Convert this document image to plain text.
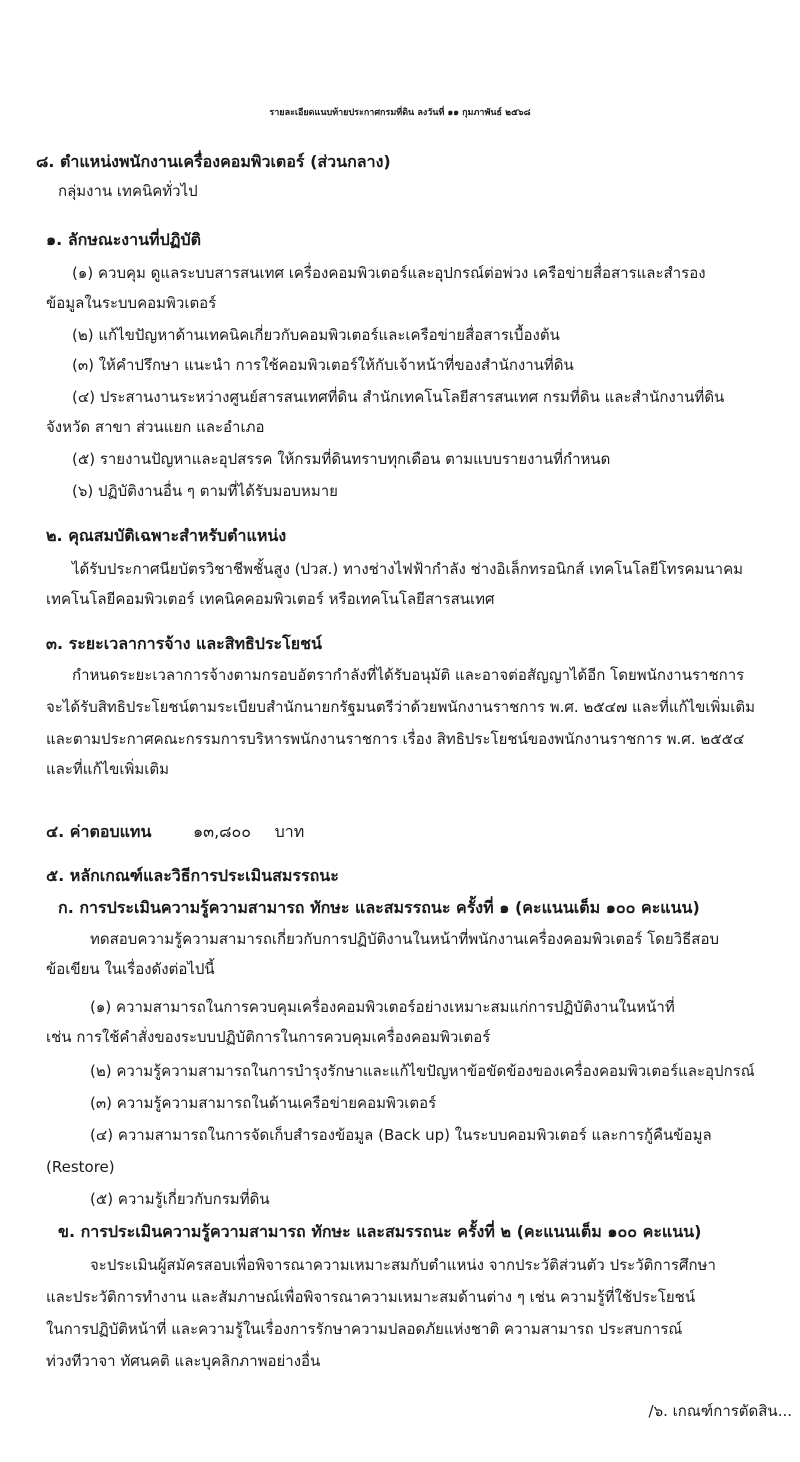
รายละเอียดแนบท้ายประกาศกรมที่ดิน ลงวันที่ ๑๑ กุมภาพันธ์ ๒๕๖๘
๘. ตำแหน่งพนักงานเครื่องคอมพิวเตอร์ (ส่วนกลาง)
กลุ่มงาน เทคนิคทั่วไป
๑. ลักษณะงานที่ปฏิบัติ
(๑) ควบคุม ดูแลระบบสารสนเทศ เครื่องคอมพิวเตอร์และอุปกรณ์ต่อพ่วง เครือข่ายสื่อสารและสำรอง
ข้อมูลในระบบคอมพิวเตอร์
(๒) แก้ไขปัญหาด้านเทคนิคเกี่ยวกับคอมพิวเตอร์และเครือข่ายสื่อสารเบื้องต้น
(๓) ให้คำปรึกษา แนะนำ การใช้คอมพิวเตอร์ให้กับเจ้าหน้าที่ของสำนักงานที่ดิน
(๔) ประสานงานระหว่างศูนย์สารสนเทศที่ดิน สำนักเทคโนโลยีสารสนเทศ กรมที่ดิน และสำนักงานที่ดิน
จังหวัด สาขา ส่วนแยก และอำเภอ
(๕) รายงานปัญหาและอุปสรรค ให้กรมที่ดินทราบทุกเดือน ตามแบบรายงานที่กำหนด
(๖) ปฏิบัติงานอื่น ๆ ตามที่ได้รับมอบหมาย
๒. คุณสมบัติเฉพาะสำหรับตำแหน่ง
ได้รับประกาศนียบัตรวิชาชีพชั้นสูง (ปวส.) ทางช่างไฟฟ้ากำลัง ช่างอิเล็กทรอนิกส์ เทคโนโลยีโทรคมนาคม
เทคโนโลยีคอมพิวเตอร์ เทคนิคคอมพิวเตอร์ หรือเทคโนโลยีสารสนเทศ
๓. ระยะเวลาการจ้าง และสิทธิประโยชน์
กำหนดระยะเวลาการจ้างตามกรอบอัตรากำลังที่ได้รับอนุมัติ และอาจต่อสัญญาได้อีก โดยพนักงานราชการ
จะได้รับสิทธิประโยชน์ตามระเบียบสำนักนายกรัฐมนตรีว่าด้วยพนักงานราชการ พ.ศ. ๒๕๔๗ และที่แก้ไขเพิ่มเติม
และตามประกาศคณะกรรมการบริหารพนักงานราชการ เรื่อง สิทธิประโยชน์ของพนักงานราชการ พ.ศ. ๒๕๕๔
และที่แก้ไขเพิ่มเติม
๔. ค่าตอบแทน	๑๓,๘๐๐ บาท
๕. หลักเกณฑ์และวิธีการประเมินสมรรถนะ
ก. การประเมินความรู้ความสามารถ ทักษะ และสมรรถนะ ครั้งที่ ๑ (คะแนนเต็ม ๑๐๐ คะแนน)
ทดสอบความรู้ความสามารถเกี่ยวกับการปฏิบัติงานในหน้าที่พนักงานเครื่องคอมพิวเตอร์ โดยวิธีสอบ
ข้อเขียน ในเรื่องดังต่อไปนี้
(๑) ความสามารถในการควบคุมเครื่องคอมพิวเตอร์อย่างเหมาะสมแก่การปฏิบัติงานในหน้าที่
เช่น การใช้คำสั่งของระบบปฏิบัติการในการควบคุมเครื่องคอมพิวเตอร์
(๒) ความรู้ความสามารถในการบำรุงรักษาและแก้ไขปัญหาข้อขัดข้องของเครื่องคอมพิวเตอร์และอุปกรณ์
(๓) ความรู้ความสามารถในด้านเครือข่ายคอมพิวเตอร์
(๔) ความสามารถในการจัดเก็บสำรองข้อมูล (Back up) ในระบบคอมพิวเตอร์ และการกู้คืนข้อมูล
(Restore)
(๕) ความรู้เกี่ยวกับกรมที่ดิน
ข. การประเมินความรู้ความสามารถ ทักษะ และสมรรถนะ ครั้งที่ ๒ (คะแนนเต็ม ๑๐๐ คะแนน)
จะประเมินผู้สมัครสอบเพื่อพิจารณาความเหมาะสมกับตำแหน่ง จากประวัติส่วนตัว ประวัติการศึกษา
และประวัติการทำงาน และสัมภาษณ์เพื่อพิจารณาความเหมาะสมด้านต่าง ๆ เช่น ความรู้ที่ใช้ประโยชน์
ในการปฏิบัติหน้าที่ และความรู้ในเรื่องการรักษาความปลอดภัยแห่งชาติ ความสามารถ ประสบการณ์
ท่วงทีวาจา ทัศนคติ และบุคลิกภาพอย่างอื่น
/๖. เกณฑ์การตัดสิน...
